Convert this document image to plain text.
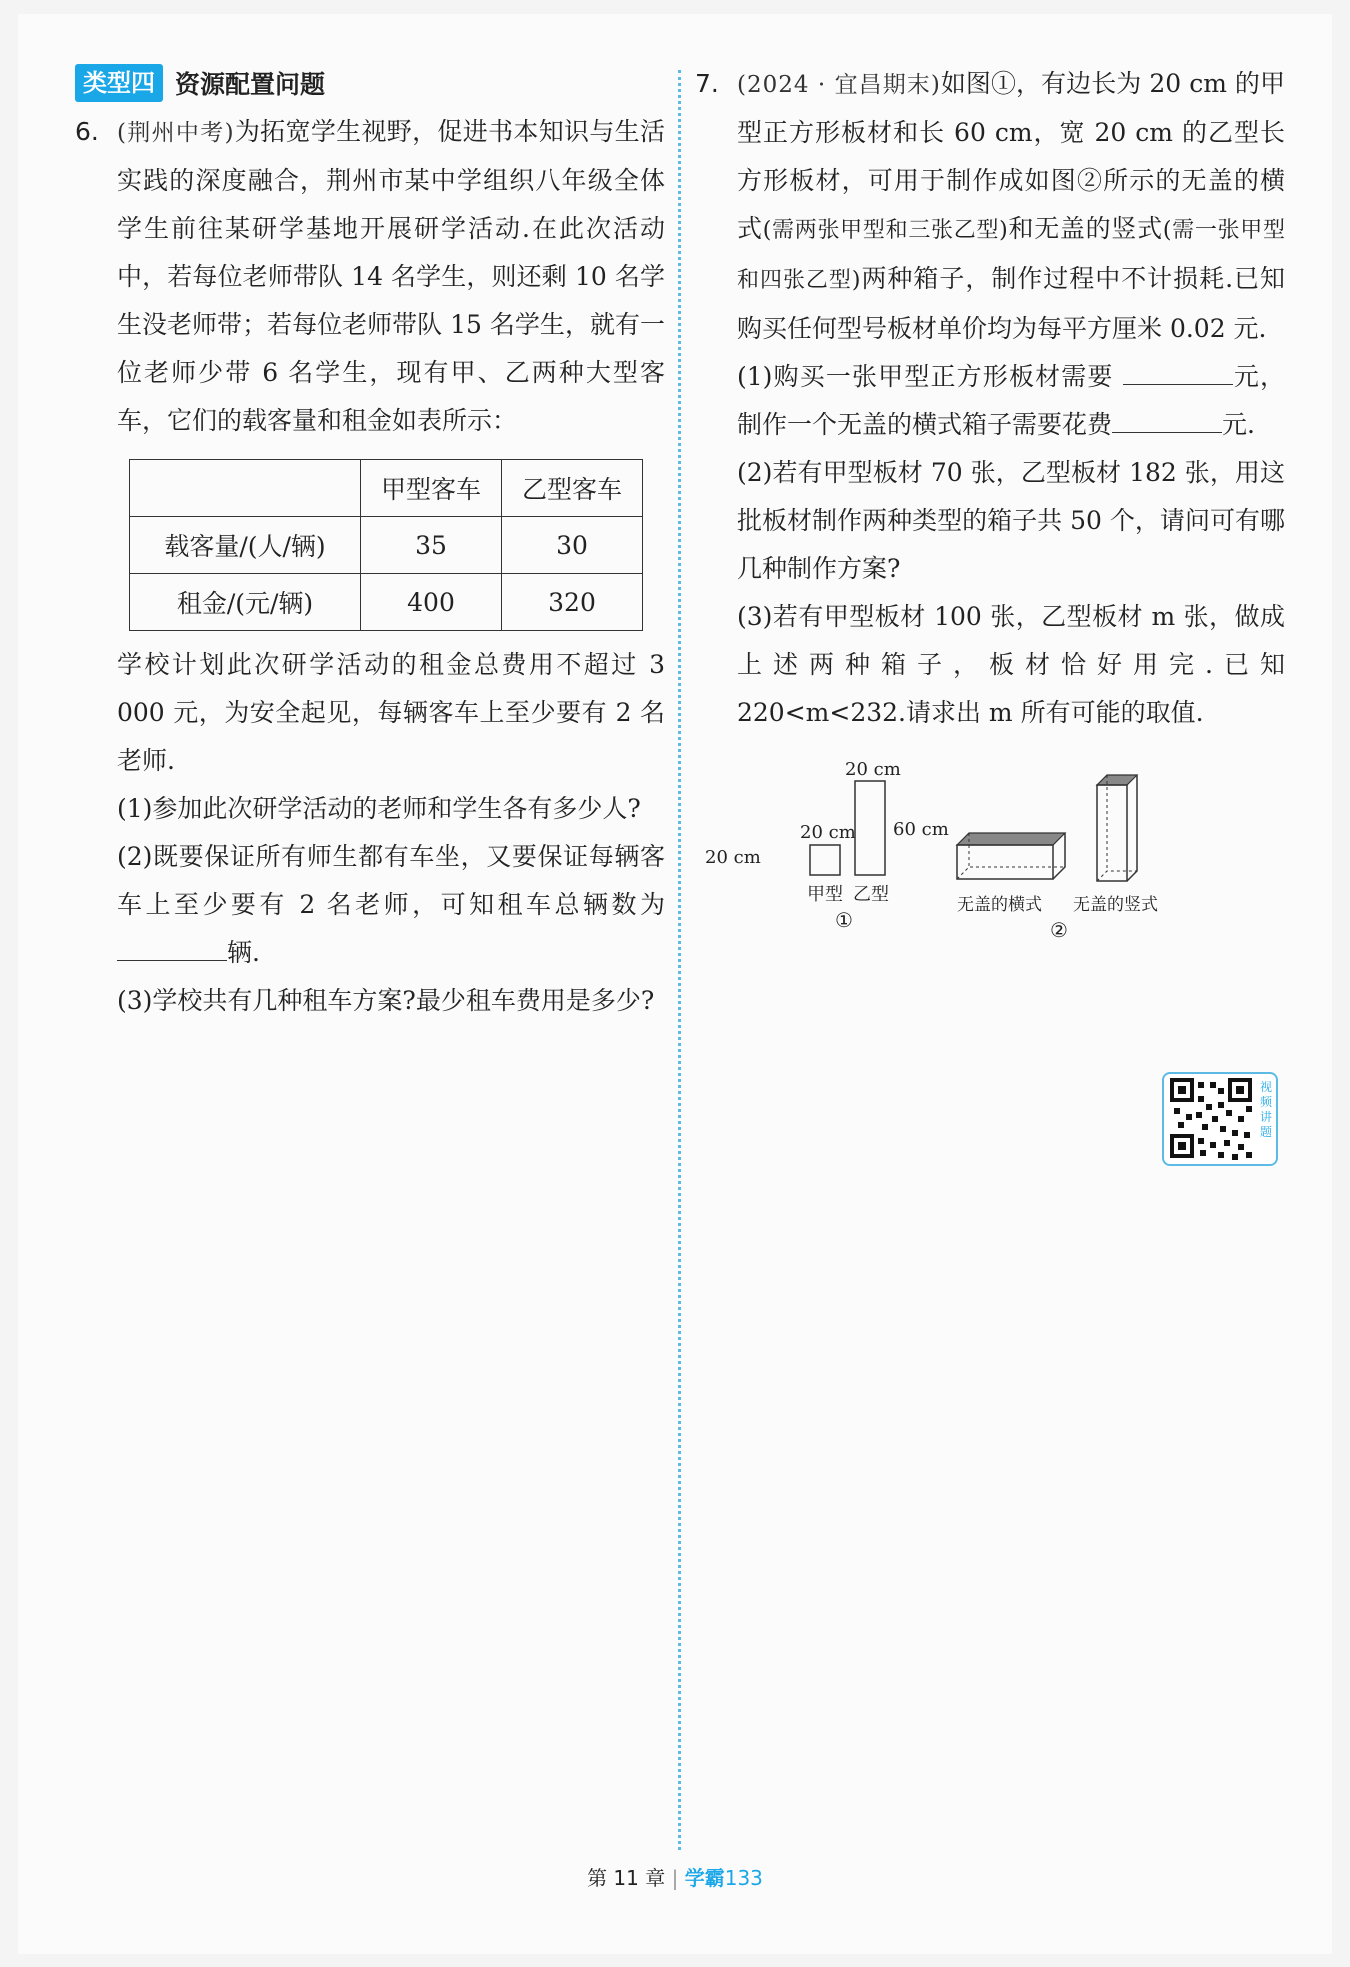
类型四 资源配置问题
6. (荆州中考)为拓宽学生视野，促进书本知识与生活实践的深度融合，荆州市某中学组织八年级全体学生前往某研学基地开展研学活动.在此次活动中，若每位老师带队 14 名学生，则还剩 10 名学生没老师带；若每位老师带队 15 名学生，就有一位老师少带 6 名学生，现有甲、乙两种大型客车，它们的载客量和租金如表所示：
	甲型客车	乙型客车
载客量/(人/辆)	35	30
租金/(元/辆)	400	320
学校计划此次研学活动的租金总费用不超过 3 000 元，为安全起见，每辆客车上至少要有 2 名老师.
(1)参加此次研学活动的老师和学生各有多少人?
(2)既要保证所有师生都有车坐，又要保证每辆客车上至少要有 2 名老师，可知租车总辆数为辆.
(3)学校共有几种租车方案?最少租车费用是多少?
7. (2024 · 宜昌期末)如图①，有边长为 20 cm 的甲型正方形板材和长 60 cm，宽 20 cm 的乙型长方形板材，可用于制作成如图②所示的无盖的横式(需两张甲型和三张乙型)和无盖的竖式(需一张甲型和四张乙型)两种箱子，制作过程中不计损耗.已知购买任何型号板材单价均为每平方厘米 0.02 元.
(1)购买一张甲型正方形板材需要	元，制作一个无盖的横式箱子需要花费	元.
(2)若有甲型板材 70 张，乙型板材 182 张，用这批板材制作两种类型的箱子共 50 个，请问可有哪几种制作方案?
(3)若有甲型板材 100 张，乙型板材 m 张，做成上述两种箱子，板材恰好用完.已知 220<m<232.请求出 m 所有可能的取值.
20 cm
20 cm
20 cm
60 cm
甲型 乙型
①
无盖的横式 无盖的竖式
②
视频讲题
第 11 章 | 学霸133
